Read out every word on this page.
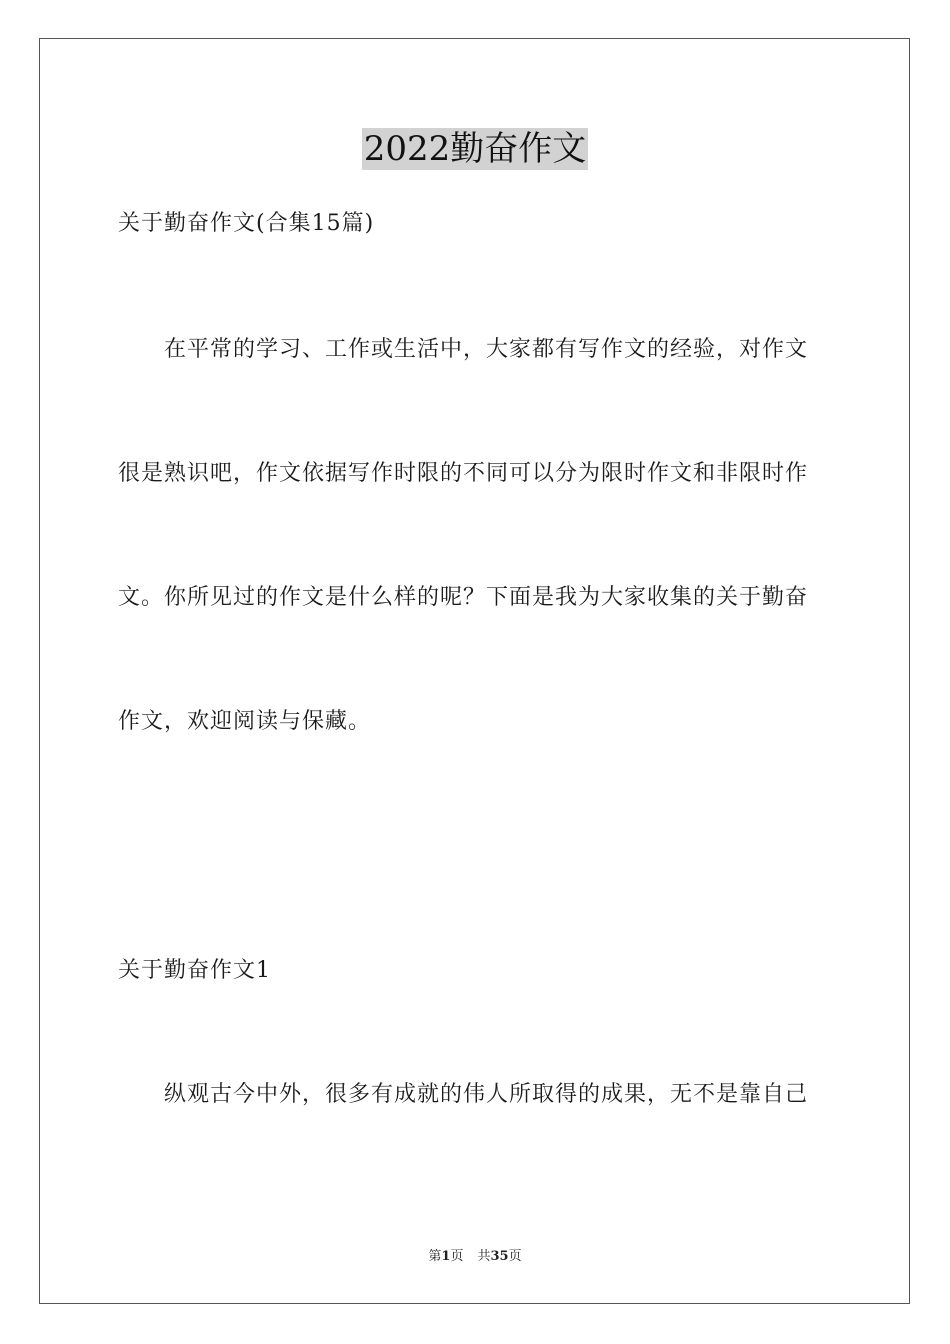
2022勤奋作文
关于勤奋作文(合集15篇)
在平常的学习、工作或生活中，大家都有写作文的经验，对作文
很是熟识吧，作文依据写作时限的不同可以分为限时作文和非限时作
文。你所见过的作文是什么样的呢？下面是我为大家收集的关于勤奋
作文，欢迎阅读与保藏。
关于勤奋作文1
纵观古今中外，很多有成就的伟人所取得的成果，无不是靠自己
第1页 共35页
